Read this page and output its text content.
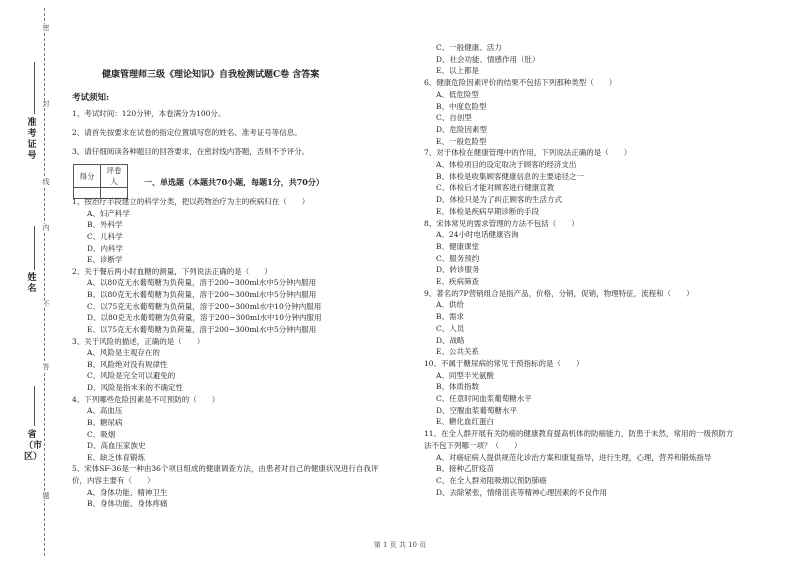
准考证号
姓名
省（市区）
密
封
线
内
不
答
题
健康管理师三级《理论知识》自我检测试题C卷 含答案
考试须知:
1、考试时间：120分钟，本卷满分为100分。
2、请首先按要求在试卷的指定位置填写您的姓名、准考证号等信息。
3、请仔细阅读各种题目的回答要求，在密封线内答题，否则不予评分。
得分	评卷人
		一、单选题（本题共70小题，每题1分，共70分）
1、按治疗手段建立的科学分类，把以药物治疗为主的疾病归在（　　）
A、妇产科学
B、外科学
C、儿科学
D、内科学
E、诊断学
2、关于餐后两小时血糖的测量，下列说法正确的是（　　）
A、以80克无水葡萄糖为负荷量，溶于200~300ml水中5分钟内服用
B、以80克无水葡萄糖为负荷量，溶于200~300ml水中5分钟内服用
C、以75克无水葡萄糖为负荷量，溶于200~300ml水中10分钟内服用
D、以80克无水葡萄糖为负荷量，溶于200~300ml水中10分钟内服用
E、以75克无水葡萄糖为负荷量，溶于200~300ml水中5分钟内服用
3、关于风险的描述，正确的是（　　）
A、风险是主观存在的
B、风险绝对没有规律性
C、风险是完全可以避免的
D、风险是指未来的不确定性
4、下列哪些危险因素是不可预防的（　　）
A、高血压
B、糖尿病
C、吸烟
D、高血压家族史
E、缺乏体育锻炼
5、宋体SF-36是一种由36个项目组成的健康调查方法，由患者对自己的健康状况进行自我评
价，内容主要有（　　）
A、身体功能、精神卫生
B、身体功能、身体疼痛
C、一般健康、活力
D、社会功能、情感作用（肚）
E、以上都是
6、健康危险因素评价的结果不包括下列那种类型（　　）
A、低危险型
B、中度危险型
C、自创型
D、危险因素型
E、一般危险型
7、对于体检在健康管理中的作用，下列说法正确的是（　　）
A、体检项目的设定取决于顾客的经济支出
B、体检是收集顾客健康信息的主要途径之一
C、体检后才能对顾客进行健康宣教
D、体检只是为了纠正顾客的生活方式
E、体检是疾病早期诊断的手段
8、宋体常见的需求管理的方法不包括（　　）
A、24小时电话健康咨询
B、健康课堂
C、服务预约
D、转诊服务
E、疾病筛查
9、著名的7P营销组合是指产品，价格，分销，促销，物理特征，流程和（　　）
A、供给
B、需求
C、人员
D、战略
E、公共关系
10、不属于糖尿病的常见干预指标的是（　　）
A、同型半光氨酸
B、体质指数
C、任意时间血浆葡萄糖水平
D、空腹血浆葡萄糖水平
E、糖化血红蛋白
11、在全人群开展有关防癌的健康教育提高机体的防癌能力，防患于未然，常用的一级预防方
法不包下列哪一项？（　　）
A、对癌症病人提供规范化诊治方案和康复指导，进行生理，心理，营养和锻炼指导
B、接种乙肝疫苗
C、在全人群劝阻吸烟以预防肺癌
D、去除紧张，情绪沮丧等精神心理因素的不良作用
第 1 页 共 10 页
